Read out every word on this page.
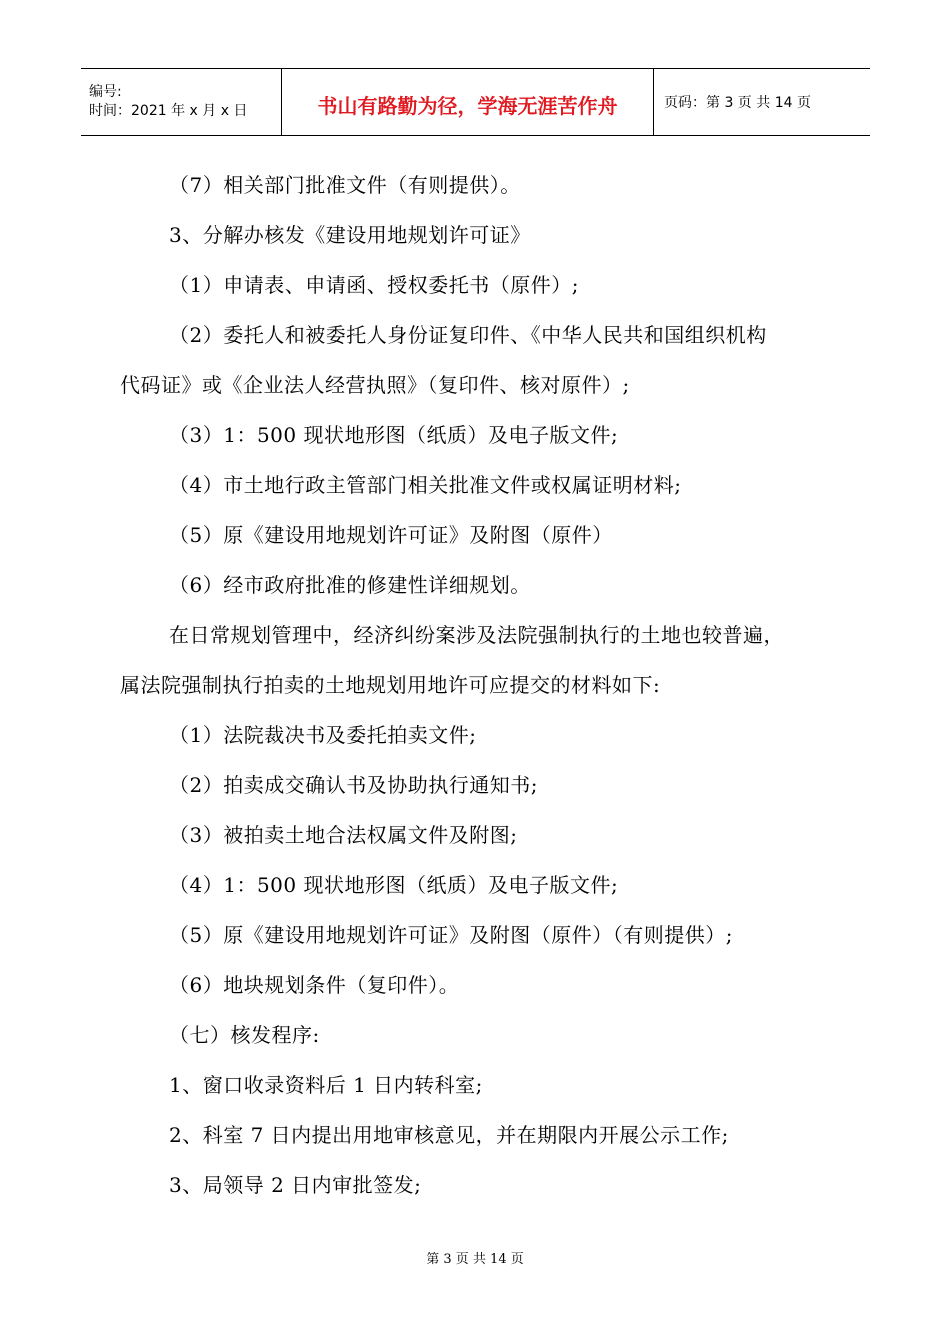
编号:
时间：2021 年 x 月 x 日	书山有路勤为径，学海无涯苦作舟	页码：第 3 页 共 14 页
（7）相关部门批准文件（有则提供）。
3、分解办核发《建设用地规划许可证》
（1）申请表、申请函、授权委托书（原件）;
（2）委托人和被委托人身份证复印件、《中华人民共和国组织机构
代码证》或《企业法人经营执照》（复印件、核对原件）;
（3）1：500 现状地形图（纸质）及电子版文件;
（4）市土地行政主管部门相关批准文件或权属证明材料;
（5）原《建设用地规划许可证》及附图（原件）
（6）经市政府批准的修建性详细规划。
在日常规划管理中，经济纠纷案涉及法院强制执行的土地也较普遍，
属法院强制执行拍卖的土地规划用地许可应提交的材料如下:
（1）法院裁决书及委托拍卖文件;
（2）拍卖成交确认书及协助执行通知书;
（3）被拍卖土地合法权属文件及附图;
（4）1：500 现状地形图（纸质）及电子版文件;
（5）原《建设用地规划许可证》及附图（原件）（有则提供）;
（6）地块规划条件（复印件）。
（七）核发程序:
1、窗口收录资料后 1 日内转科室;
2、科室 7 日内提出用地审核意见，并在期限内开展公示工作;
3、局领导 2 日内审批签发;
第 3 页 共 14 页
